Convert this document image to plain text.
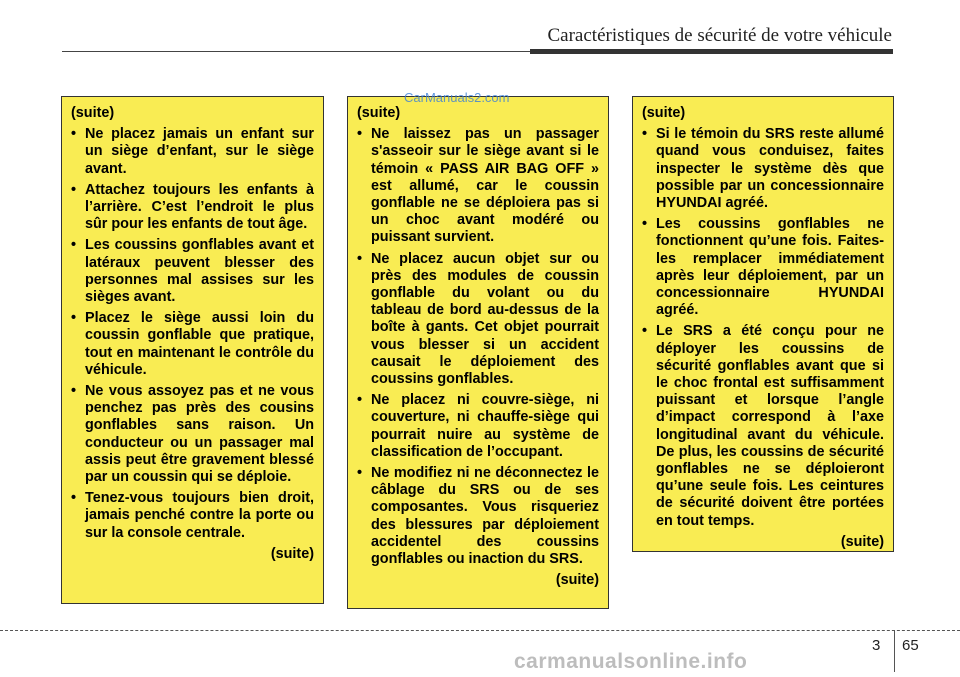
Caractéristiques de sécurité de votre véhicule
(suite)
• Ne placez jamais un enfant sur un siège d’enfant, sur le siège avant.
• Attachez toujours les enfants à l’arrière. C’est l’endroit le plus sûr pour les enfants de tout âge.
• Les coussins gonflables avant et latéraux peuvent blesser des personnes mal assises sur les sièges avant.
• Placez le siège aussi loin du coussin gonflable que pratique, tout en maintenant le contrôle du véhicule.
• Ne vous assoyez pas et ne vous penchez pas près des cousins gonflables sans raison. Un conducteur ou un passager mal assis peut être gravement blessé par un coussin qui se déploie.
• Tenez-vous toujours bien droit, jamais penché contre la porte ou sur la console centrale.
(suite)
(suite)
• Ne laissez pas un passager s'asseoir sur le siège avant si le témoin « PASS AIR BAG OFF » est allumé, car le coussin gonflable ne se déploiera pas si un choc avant modéré ou puissant survient.
• Ne placez aucun objet sur ou près des modules de coussin gonflable du volant ou du tableau de bord au-dessus de la boîte à gants. Cet objet pourrait vous blesser si un accident causait le déploiement des coussins gonflables.
• Ne placez ni couvre-siège, ni couverture, ni chauffe-siège qui pourrait nuire au système de classification de l’occupant.
• Ne modifiez ni ne déconnectez le câblage du SRS ou de ses composantes. Vous risqueriez des blessures par déploiement accidentel des coussins gonflables ou inaction du SRS.
(suite)
(suite)
• Si le témoin du SRS reste allumé quand vous conduisez, faites inspecter le système dès que possible par un concessionnaire HYUNDAI agréé.
• Les coussins gonflables ne fonctionnent qu’une fois. Faites-les remplacer immédiatement après leur déploiement, par un concessionnaire HYUNDAI agréé.
• Le SRS a été conçu pour ne déployer les coussins de sécurité gonflables avant que si le choc frontal est suffisamment puissant et lorsque l’angle d’impact correspond à l’axe longitudinal avant du véhicule. De plus, les coussins de sécurité gonflables ne se déploieront qu’une seule fois. Les ceintures de sécurité doivent être portées en tout temps.
(suite)
CarManuals2.com
3 65
carmanualsonline.info
